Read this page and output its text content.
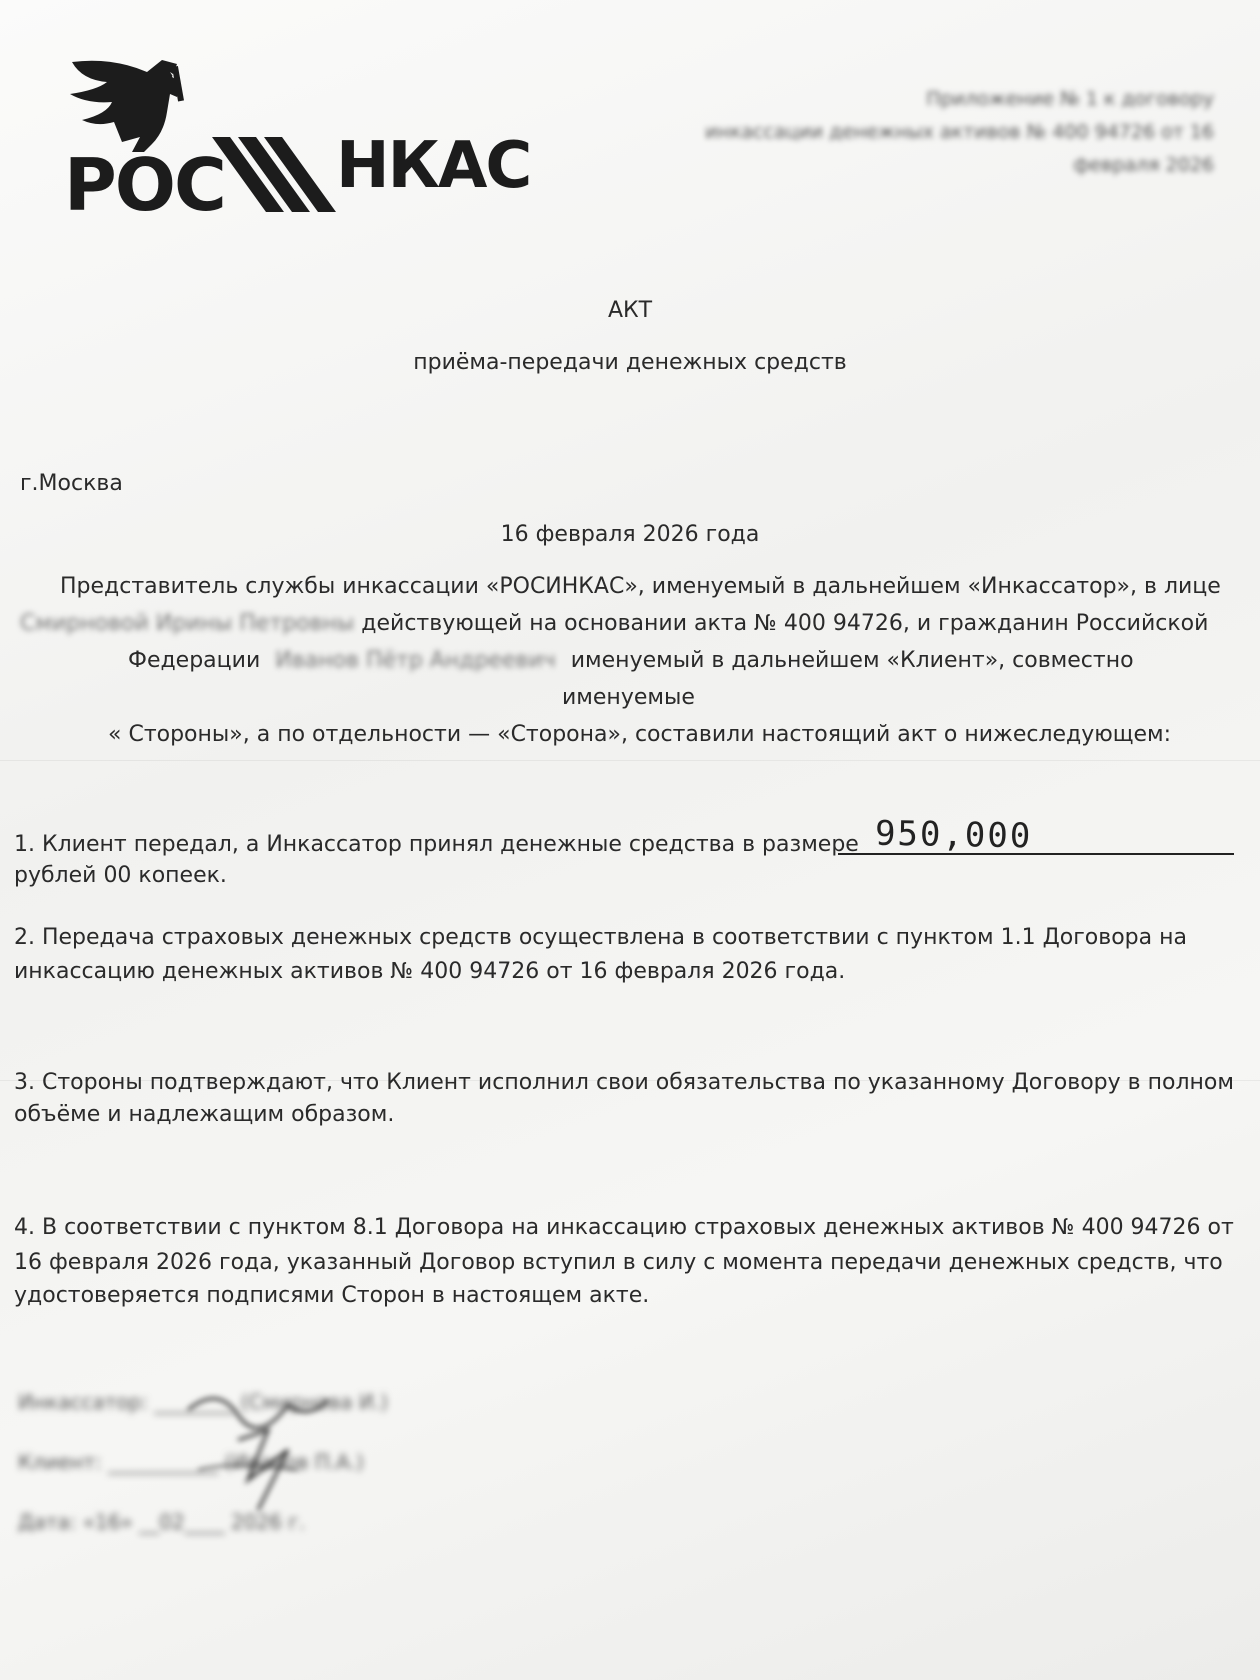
РОС НКАС
Приложение № 1 к договору
инкассации денежных активов № 400 94726 от 16
февраля 2026
АКТ
приёма-передачи денежных средств
г.Москва
16 февраля 2026 года
Представитель службы инкассации «РОСИНКАС», именуемый в дальнейшем «Инкассатор», в лице
Смирновой Ирины Петровны действующей на основании акта № 400 94726, и гражданин Российской
Федерации Иванов Пётр Андреевич именуемый в дальнейшем «Клиент», совместно
именуемые
« Стороны», а по отдельности — «Сторона», составили настоящий акт о нижеследующем:
1. Клиент передал, а Инкассатор принял денежные средства в размере 950,000
рублей 00 копеек.
2. Передача страховых денежных средств осуществлена в соответствии с пунктом 1.1 Договора на
инкассацию денежных активов № 400 94726 от 16 февраля 2026 года.
3. Стороны подтверждают, что Клиент исполнил свои обязательства по указанному Договору в полном
объёме и надлежащим образом.
4. В соответствии с пунктом 8.1 Договора на инкассацию страховых денежных активов № 400 94726 от
16 февраля 2026 года, указанный Договор вступил в силу с момента передачи денежных средств, что
удостоверяется подписями Сторон в настоящем акте.
Инкассатор: ________ (Смирнова И.)
Клиент: ___________ (Иванов П.А.)
Дата: «16» __02____ 2026 г.
